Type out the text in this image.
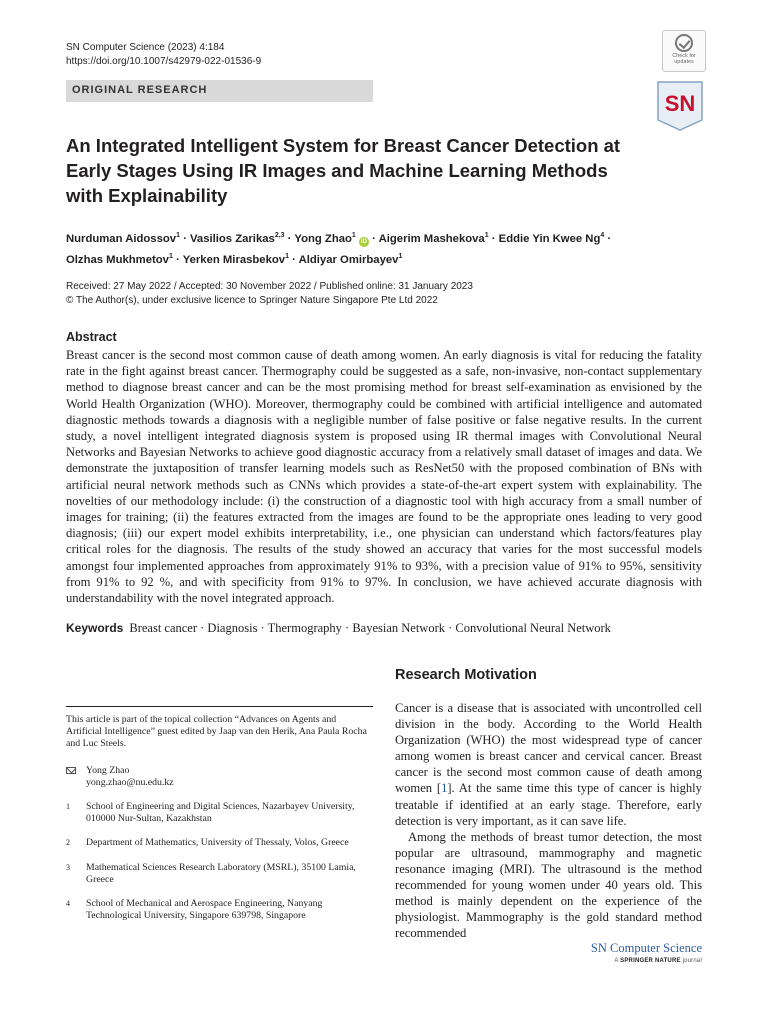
SN Computer Science (2023) 4:184
https://doi.org/10.1007/s42979-022-01536-9
ORIGINAL RESEARCH
Check for
updates
SN
An Integrated Intelligent System for Breast Cancer Detection at Early Stages Using IR Images and Machine Learning Methods with Explainability
Nurduman Aidossov$^1$ · Vasilios Zarikas$^{2,3}$ · Yong Zhao$^1$ iD · Aigerim Mashekova$^1$ · Eddie Yin Kwee $Ng^4$ ·
Olzhas Mukhmetov$^1$ · Yerken Mirasbekov$^1$ · Aldiyar Omirbayev$^1$
Received: 27 May 2022 / Accepted: 30 November 2022 / Published online: 31 January 2023
© The Author(s), under exclusive licence to Springer Nature Singapore Pte Ltd 2022
Abstract

Breast cancer is the second most common cause of death among women. An early diagnosis is vital for reducing the fatality rate in the fight against breast cancer. Thermography could be suggested as a safe, non-invasive, non-contact supplementary method to diagnose breast cancer and can be the most promising method for breast self-examination as envisioned by the World Health Organization (WHO). Moreover, thermography could be combined with artificial intelligence and automated diagnostic methods towards a diagnosis with a negligible number of false positive or false negative results. In the current study, a novel intelligent integrated diagnosis system is proposed using IR thermal images with Convolutional Neural Networks and Bayesian Networks to achieve good diagnostic accuracy from a relatively small dataset of images and data. We demonstrate the juxtaposition of transfer learning models such as ResNet50 with the proposed combination of BNs with artificial neural network methods such as CNNs which provides a state-of-the-art expert system with explainability. The novelties of our methodology include: (i) the construction of a diagnostic tool with high accuracy from a small number of images for training; (ii) the features extracted from the images are found to be the appropriate ones leading to very good diagnosis; (iii) our expert model exhibits interpretability, i.e., one physician can understand which factors/features play critical roles for the diagnosis. The results of the study showed an accuracy that varies for the most successful models amongst four implemented approaches from approximately 91% to 93%, with a precision value of 91% to 95%, sensitivity from 91% to 92 %, and with specificity from 91% to 97%. In conclusion, we have achieved accurate diagnosis with understandability with the novel integrated approach.

Keywords Breast cancer · Diagnosis · Thermography · Bayesian Network · Convolutional Neural Network
Research Motivation

Cancer is a disease that is associated with uncontrolled cell division in the body. According to the World Health Organization (WHO) the most widespread type of cancer among women is breast cancer and cervical cancer. Breast cancer is the second most common cause of death among women [1]. At the same time this type of cancer is highly treatable if identified at an early stage. Therefore, early detection is very important, as it can save life.

Among the methods of breast tumor detection, the most popular are ultrasound, mammography and magnetic resonance imaging (MRI). The ultrasound is the method recommended for young women under 40 years old. This method is mainly dependent on the experience of the physiologist. Mammography is the gold standard method recommended

This article is part of the topical collection “Advances on Agents and Artificial Intelligence” guest edited by Jaap van den Herik, Ana Paula Rocha and Luc Steels.

Yong Zhao
yong.zhao@nu.edu.kz
1 School of Engineering and Digital Sciences, Nazarbayev University, 010000 Nur-Sultan, Kazakhstan
2 Department of Mathematics, University of Thessaly, Volos, Greece
3 Mathematical Sciences Research Laboratory (MSRL), 35100 Lamia, Greece
4 School of Mechanical and Aerospace Engineering, Nanyang Technological University, Singapore 639798, Singapore
SN Computer Science
A SPRINGER NATURE journal
